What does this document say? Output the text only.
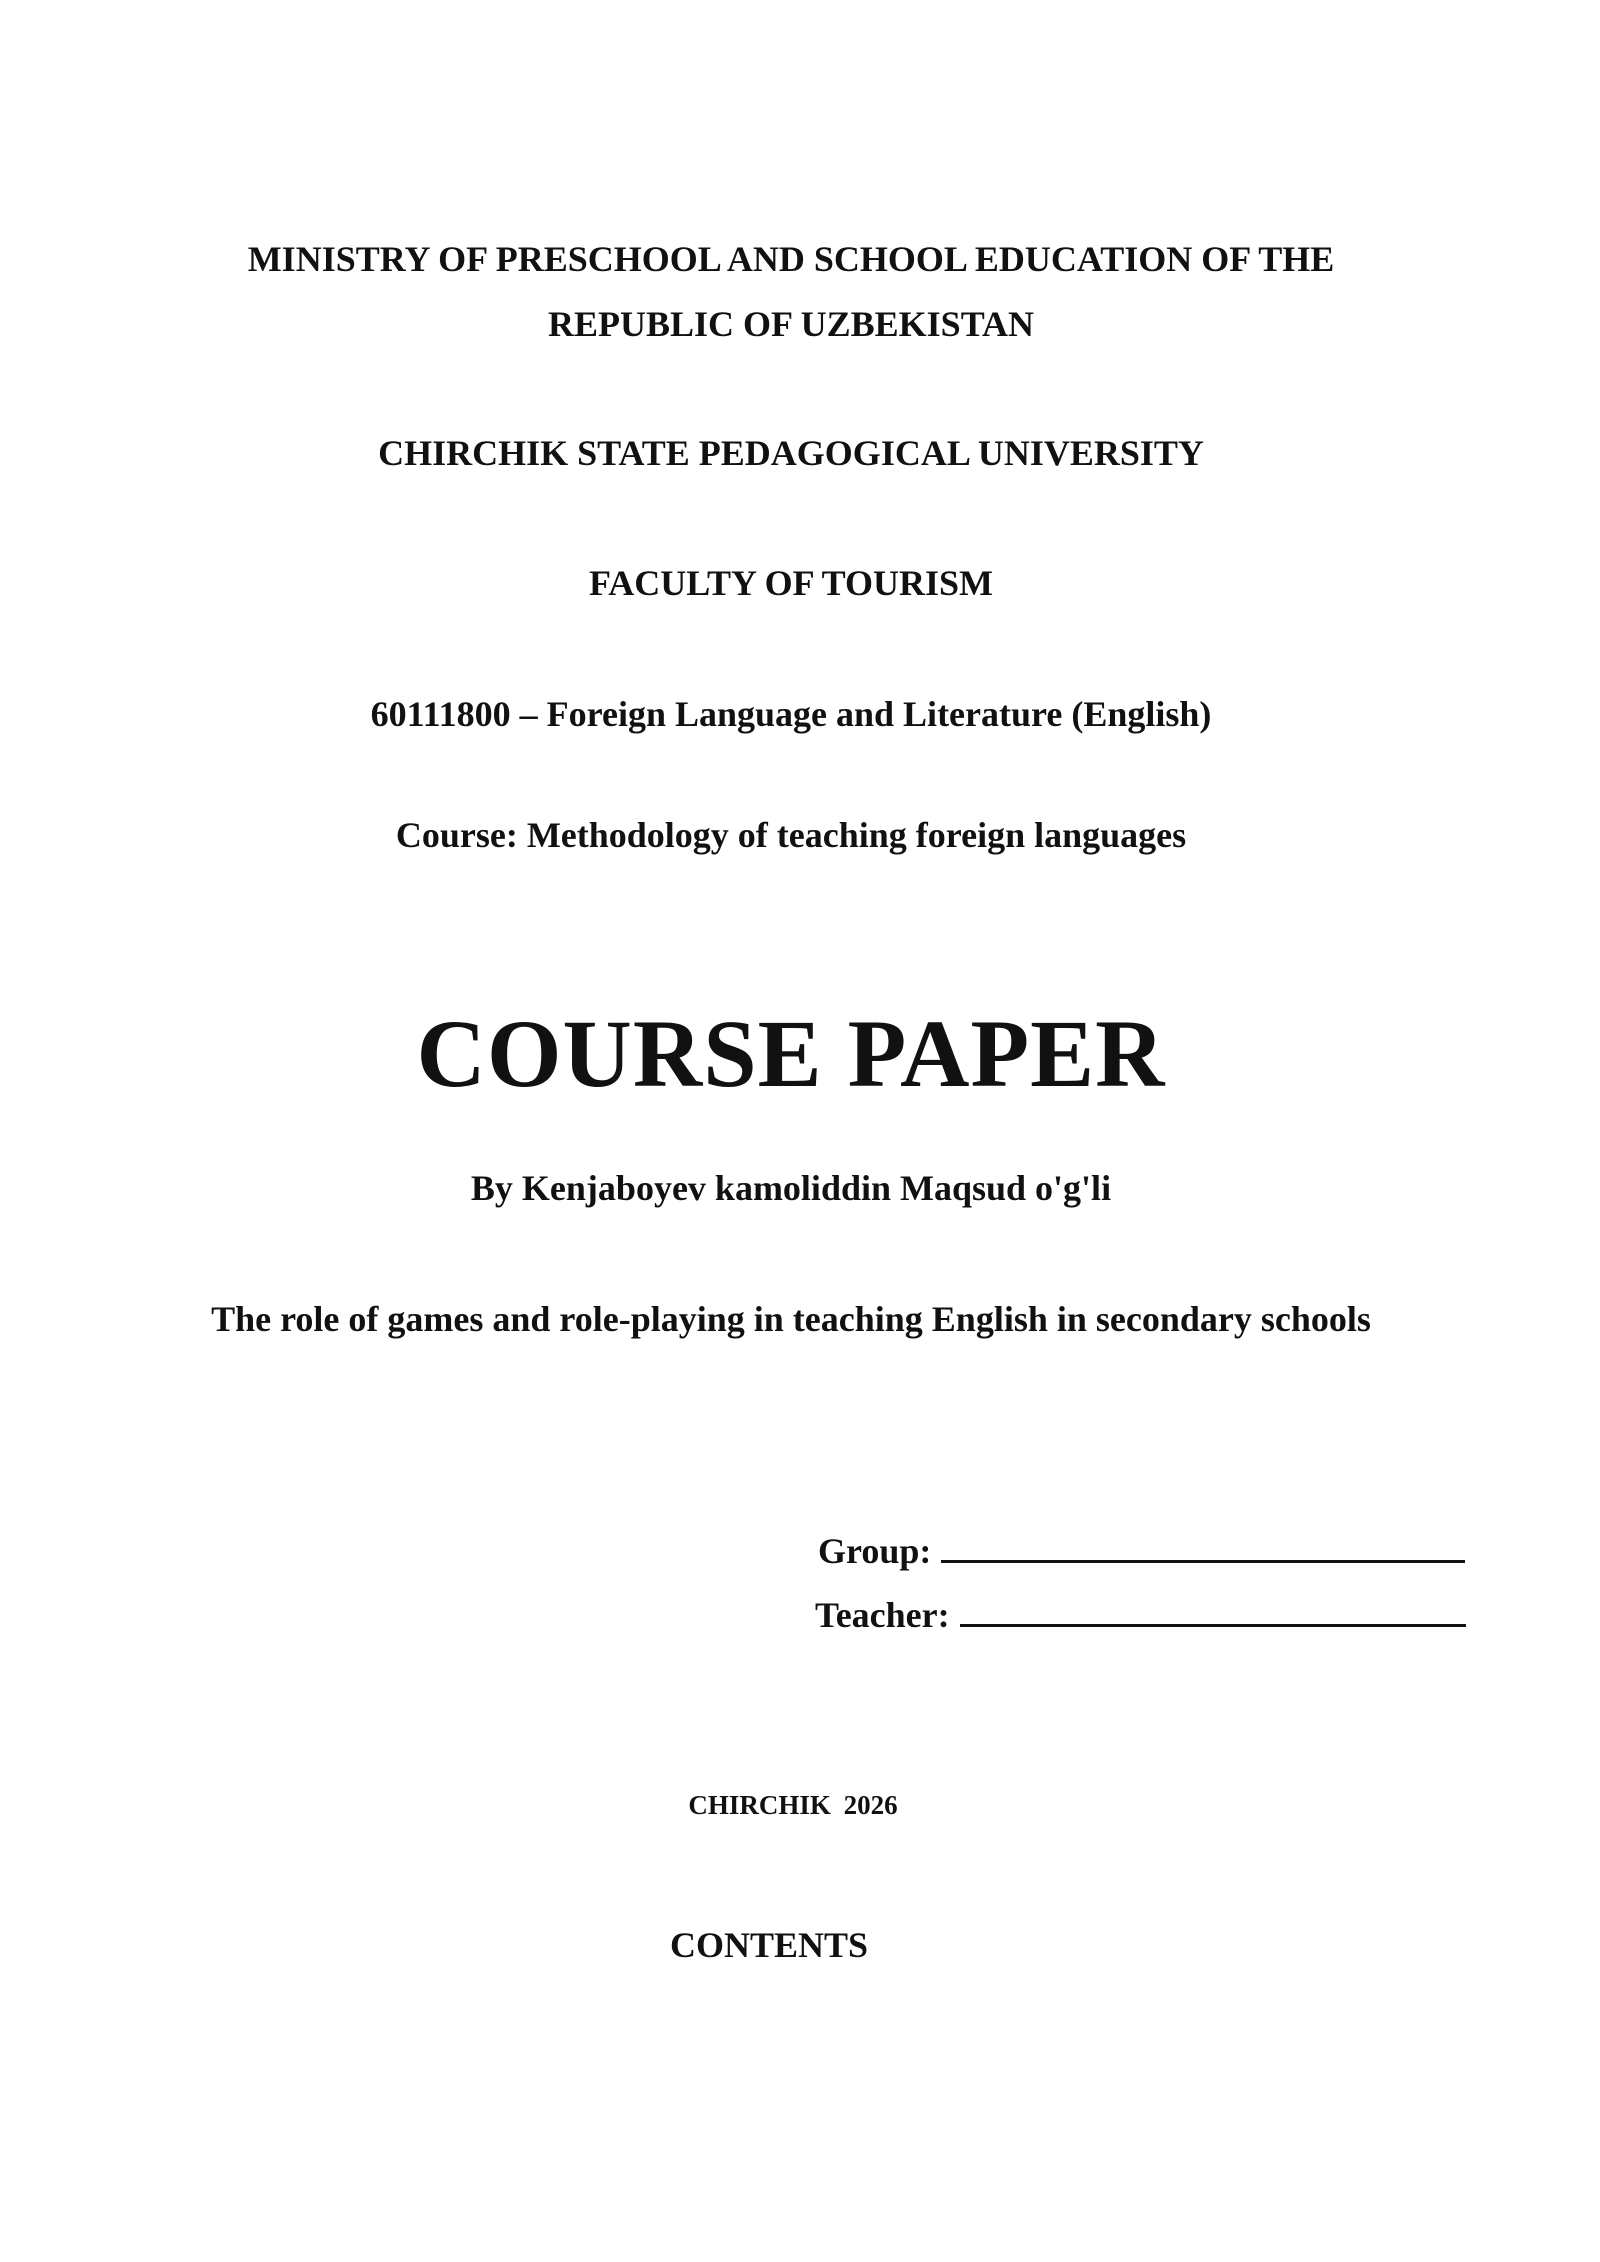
MINISTRY OF PRESCHOOL AND SCHOOL EDUCATION OF THE

REPUBLIC OF UZBEKISTAN

CHIRCHIK STATE PEDAGOGICAL UNIVERSITY

FACULTY OF TOURISM

60111800 – Foreign Language and Literature (English)

Course: Methodology of teaching foreign languages

COURSE PAPER

By Kenjaboyev kamoliddin Maqsud o'g'li

The role of games and role-playing in teaching English in secondary schools

Group:
Teacher:

CHIRCHIK 2026

CONTENTS
